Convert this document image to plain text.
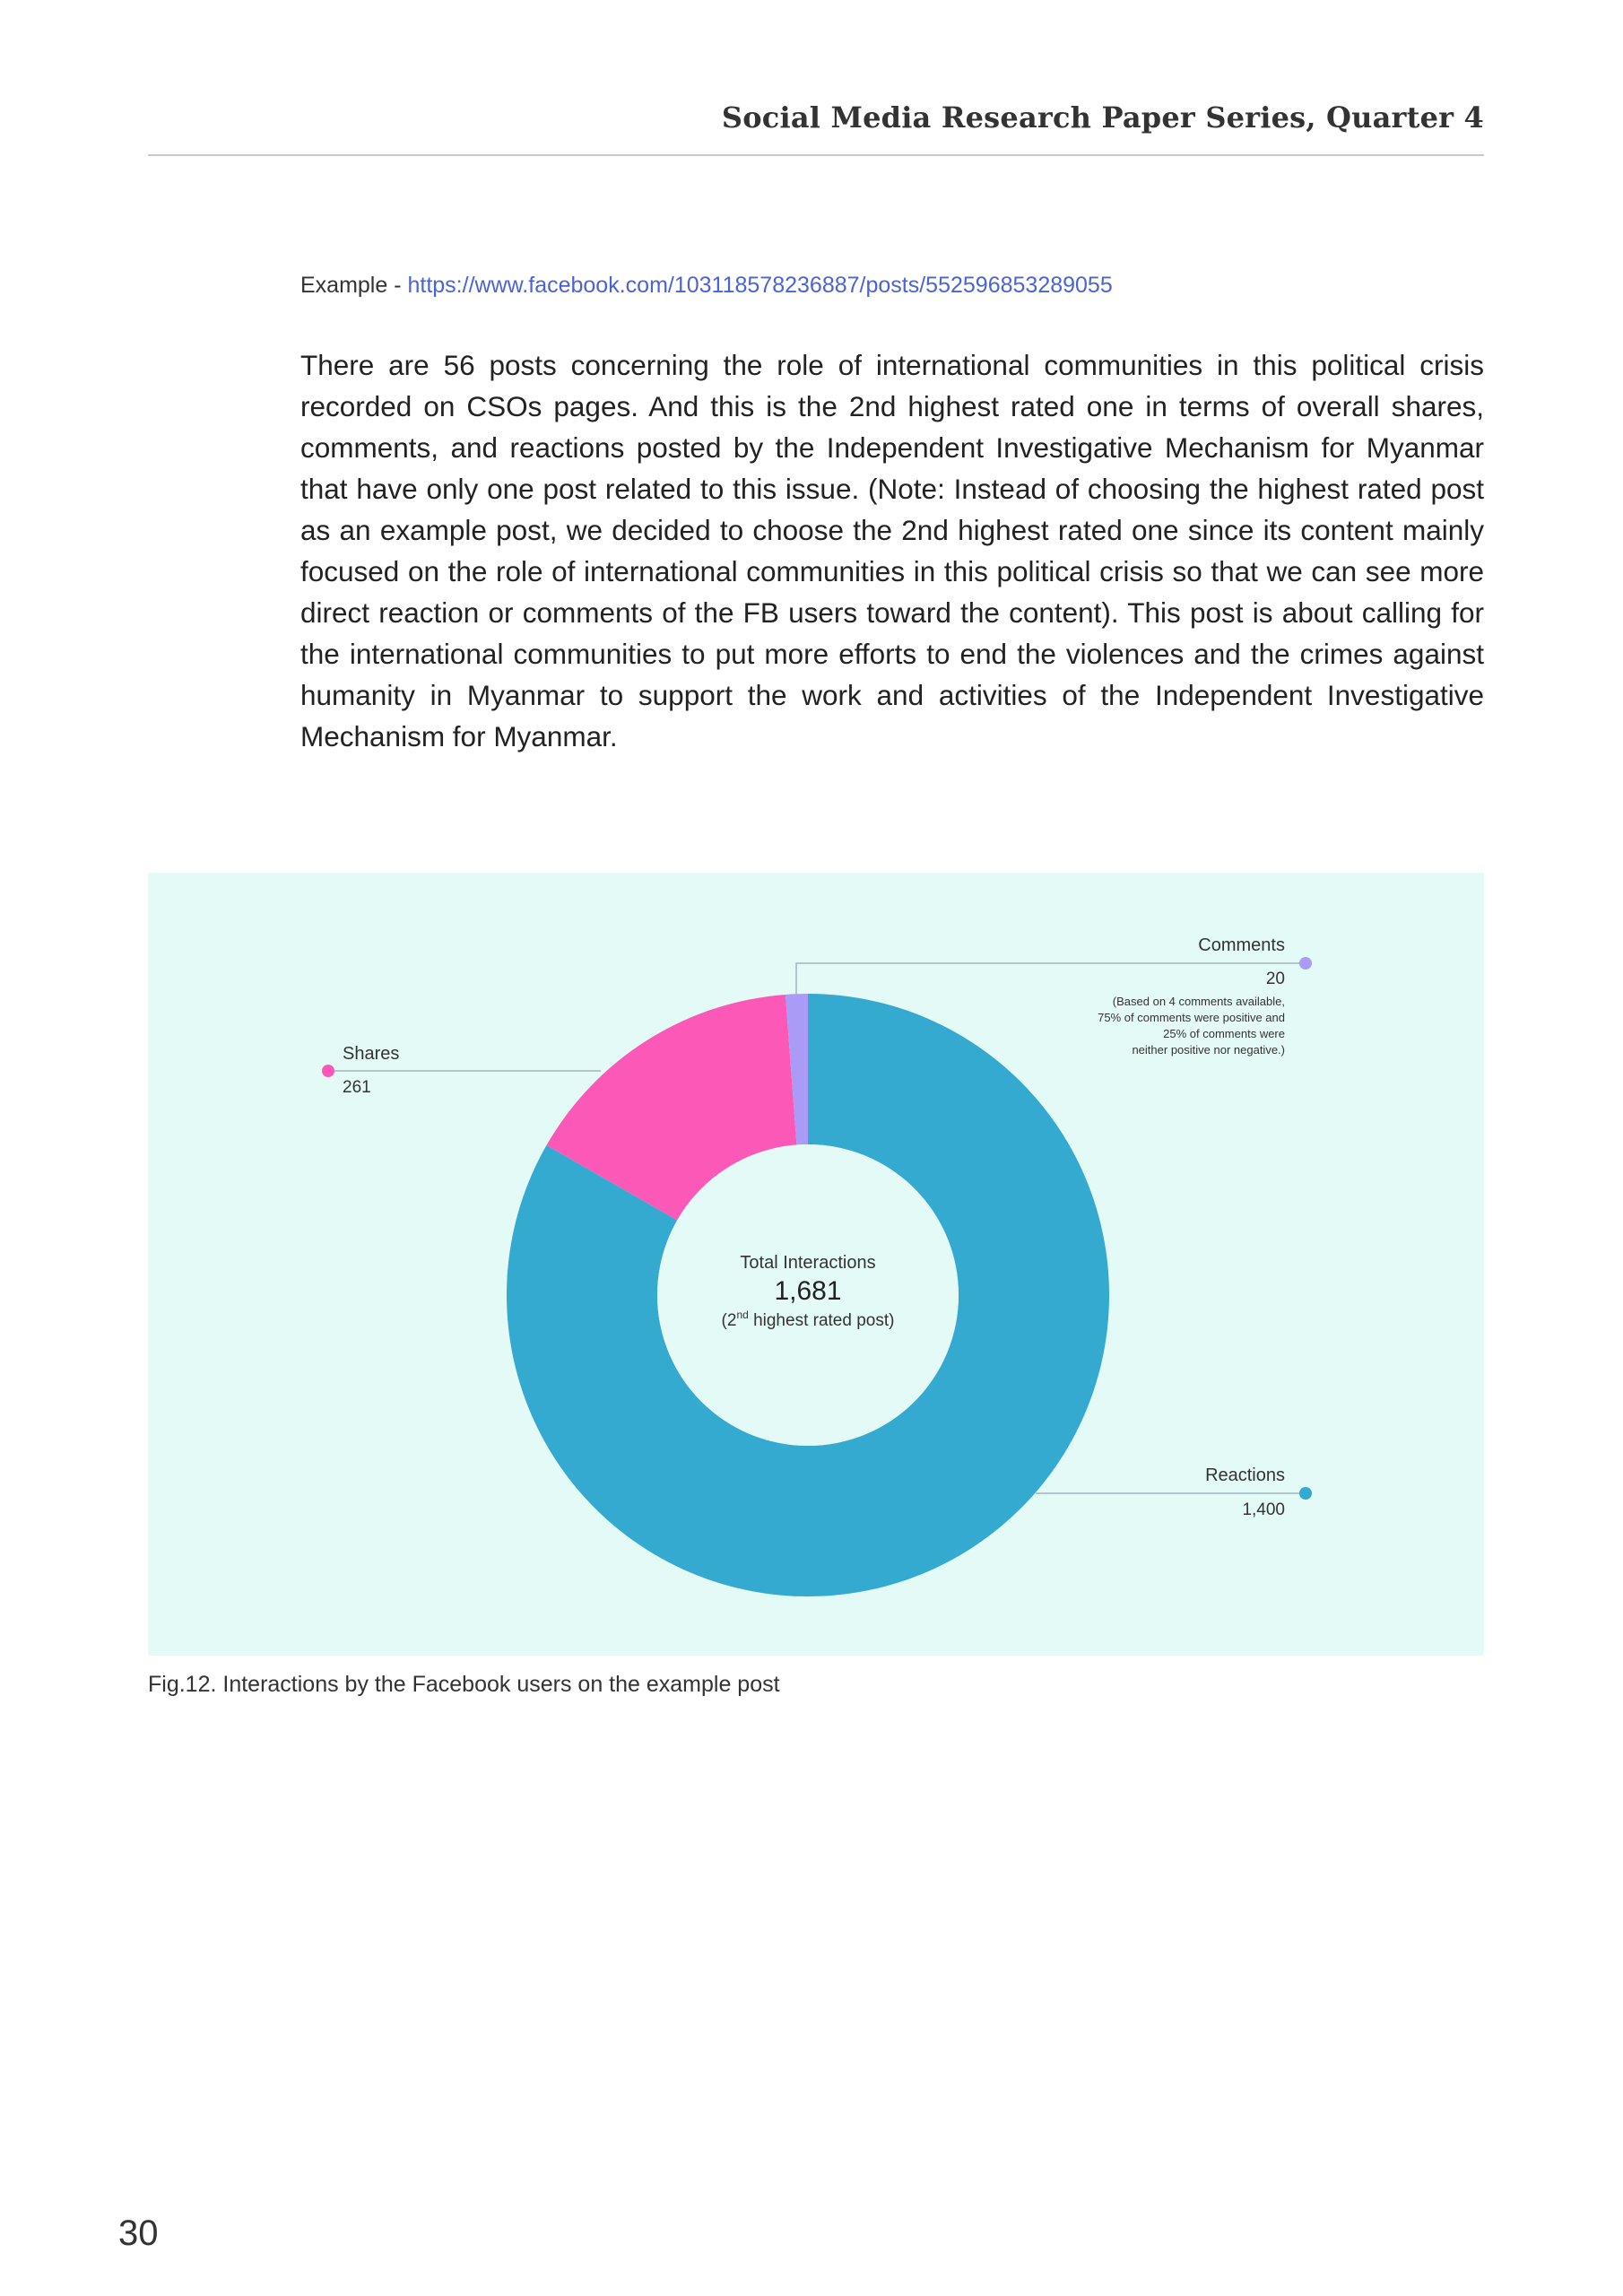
Social Media Research Paper Series, Quarter 4
Example - https://www.facebook.com/103118578236887/posts/552596853289055

There are 56 posts concerning the role of international communities in this political crisis recorded on CSOs pages. And this is the 2nd highest rated one in terms of overall shares, comments, and reactions posted by the Independent Investigative Mechanism for Myanmar that have only one post related to this issue. (Note: Instead of choosing the highest rated post as an example post, we decided to choose the 2nd highest rated one since its content mainly focused on the role of international communities in this political crisis so that we can see more direct reaction or comments of the FB users toward the content). This post is about calling for the international communities to put more efforts to end the violences and the crimes against humanity in Myanmar to support the work and activities of the Independent Investigative Mechanism for Myanmar.

Total Interactions
1,681
(2nd highest rated post)
Comments
20
(Based on 4 comments available,
75% of comments were positive and
25% of comments were
neither positive nor negative.)
Shares
261
Reactions
1,400
Fig.12. Interactions by the Facebook users on the example post
30
